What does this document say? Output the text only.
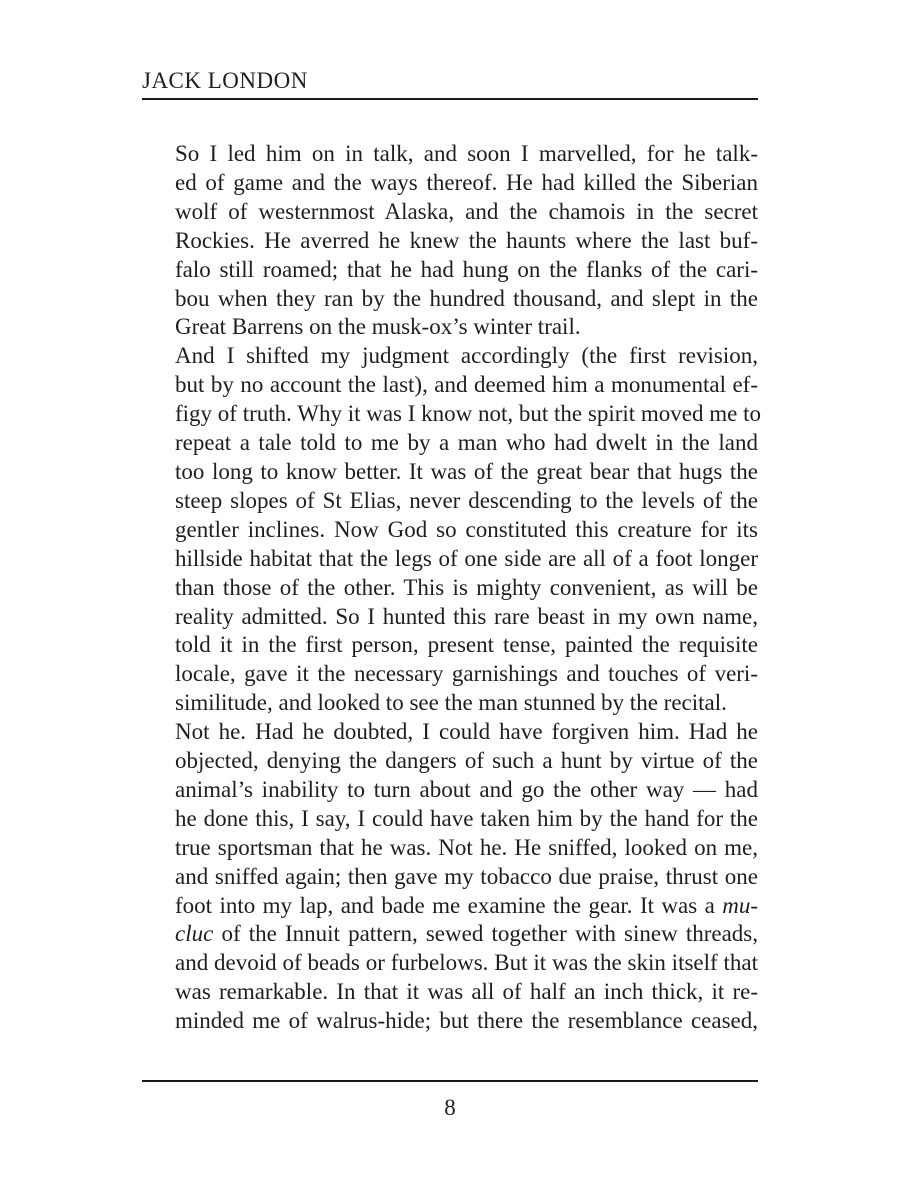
JACK LONDON

So I led him on in talk, and soon I marvelled, for he talk-
ed of game and the ways thereof. He had killed the Siberian
wolf of westernmost Alaska, and the chamois in the secret
Rockies. He averred he knew the haunts where the last buf-
falo still roamed; that he had hung on the flanks of the cari-
bou when they ran by the hundred thousand, and slept in the
Great Barrens on the musk-ox’s winter trail.

And I shifted my judgment accordingly (the first revision,
but by no account the last), and deemed him a monumental ef-
figy of truth. Why it was I know not, but the spirit moved me to
repeat a tale told to me by a man who had dwelt in the land
too long to know better. It was of the great bear that hugs the
steep slopes of St Elias, never descending to the levels of the
gentler inclines. Now God so constituted this creature for its
hillside habitat that the legs of one side are all of a foot longer
than those of the other. This is mighty convenient, as will be
reality admitted. So I hunted this rare beast in my own name,
told it in the first person, present tense, painted the requisite
locale, gave it the necessary garnishings and touches of veri-
similitude, and looked to see the man stunned by the recital.

Not he. Had he doubted, I could have forgiven him. Had he
objected, denying the dangers of such a hunt by virtue of the
animal’s inability to turn about and go the other way — had
he done this, I say, I could have taken him by the hand for the
true sportsman that he was. Not he. He sniffed, looked on me,
and sniffed again; then gave my tobacco due praise, thrust one
foot into my lap, and bade me examine the gear. It was a mu-
cluc of the Innuit pattern, sewed together with sinew threads,
and devoid of beads or furbelows. But it was the skin itself that
was remarkable. In that it was all of half an inch thick, it re-
minded me of walrus-hide; but there the resemblance ceased,

8
